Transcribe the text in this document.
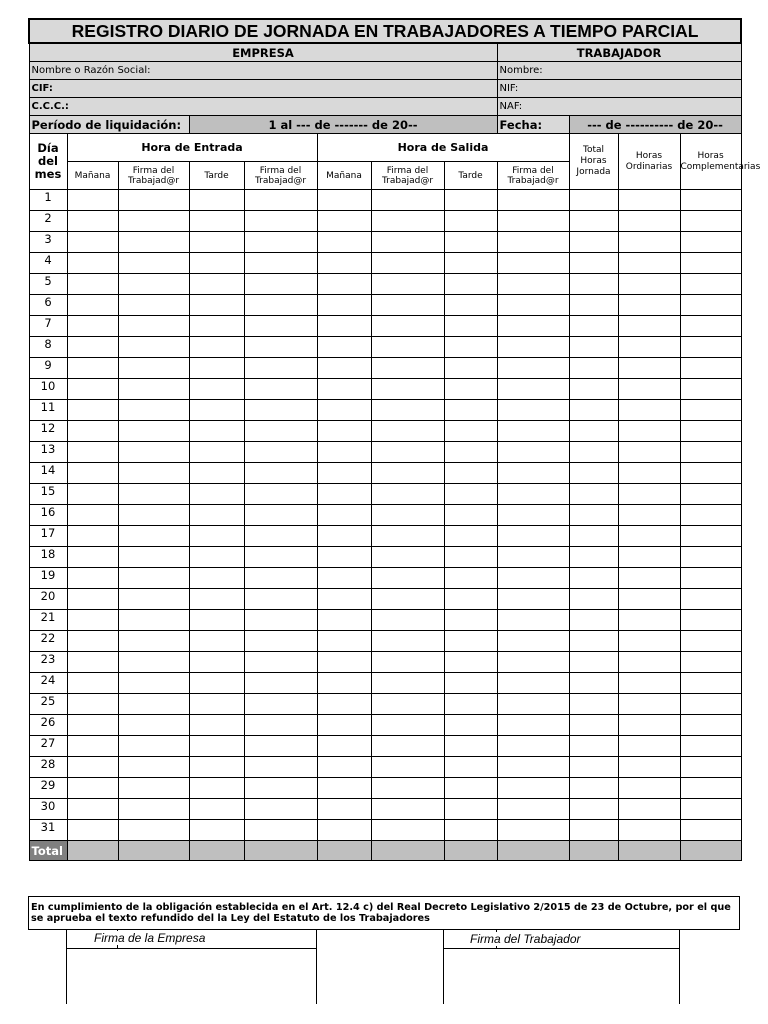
REGISTRO DIARIO DE JORNADA EN TRABAJADORES A TIEMPO PARCIAL											
EMPRESA								TRABAJADOR			
Nombre o Razón Social:								Nombre:			
CIF:								NIF:			
C.C.C.:								NAF:			
Período de liquidación:			1 al --- de ------- de 20--					Fecha:	--- de ---------- de 20--		
Día del mes	Hora de Entrada				Hora de Salida				Total Horas Jornada	Horas Ordinarias	Horas Complementarias
	Mañana	Firma del Trabajad@r	Tarde	Firma del Trabajad@r	Mañana	Firma del Trabajad@r	Tarde	Firma del Trabajad@r			
1											
2											
3											
4											
5											
6											
7											
8											
9											
10											
11											
12											
13											
14											
15											
16											
17											
18											
19											
20											
21											
22											
23											
24											
25											
26											
27											
28											
29											
30											
31											
Total											
En cumplimiento de la obligación establecida en el Art. 12.4 c) del Real Decreto Legislativo 2/2015 de 23 de Octubre, por el que se aprueba el texto refundido del la Ley del Estatuto de los Trabajadores
Firma de la Empresa	Firma del Trabajador
